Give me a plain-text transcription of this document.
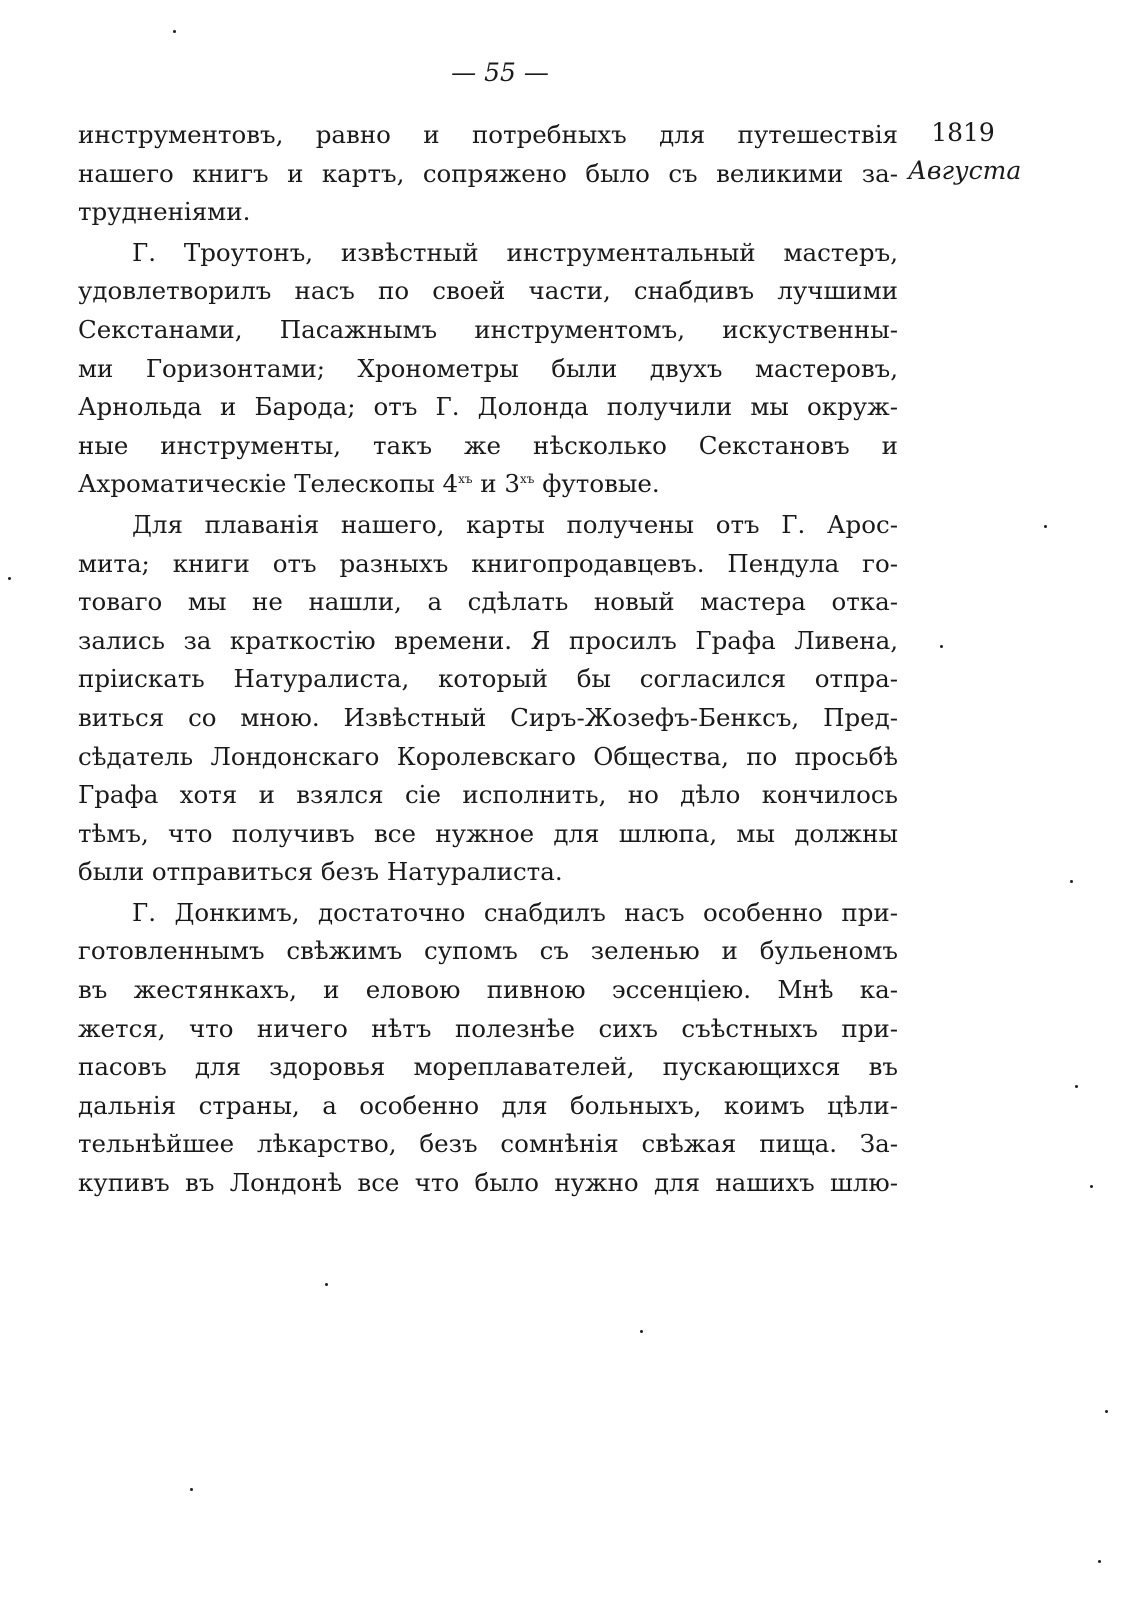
— 55 —
1819
Августа
инструментовъ, равно и потребныхъ для путешествія
нашего книгъ и картъ, сопряжено было съ великими за-
трудненіями.
Г. Троутонъ, извѣстный инструментальный мастеръ,
удовлетворилъ насъ по своей части, снабдивъ лучшими
Секстанами, Пасажнымъ инструментомъ, искуственны-
ми Горизонтами; Хронометры были двухъ мастеровъ,
Арнольда и Барода; отъ Г. Долонда получили мы окруж-
ные инструменты, такъ же нѣсколько Секстановъ и
Ахроматическіе Телескопы $4^{хъ}$ и $3^{хъ}$ футовые.
Для плаванія нашего, карты получены отъ Г. Арос-
мита; книги отъ разныхъ книгопродавцевъ. Пендула го-
товаго мы не нашли, а сдѣлать новый мастера отка-
зались за краткостію времени. Я просилъ Графа Ливена,
пріискать Натуралиста, который бы согласился отпра-
виться со мною. Извѣстный Сиръ-Жозефъ-Бенксъ, Пред-
сѣдатель Лондонскаго Королевскаго Общества, по просьбѣ
Графа хотя и взялся сіе исполнить, но дѣло кончилось
тѣмъ, что получивъ все нужное для шлюпа, мы должны
были отправиться безъ Натуралиста.
Г. Донкимъ, достаточно снабдилъ насъ особенно при-
готовленнымъ свѣжимъ супомъ съ зеленью и бульеномъ
въ жестянкахъ, и еловою пивною эссенціею. Мнѣ ка-
жется, что ничего нѣтъ полезнѣе сихъ съѣстныхъ при-
пасовъ для здоровья мореплавателей, пускающихся въ
дальнія страны, а особенно для больныхъ, коимъ цѣли-
тельнѣйшее лѣкарство, безъ сомнѣнія свѣжая пища. За-
купивъ въ Лондонѣ все что было нужно для нашихъ шлю-
